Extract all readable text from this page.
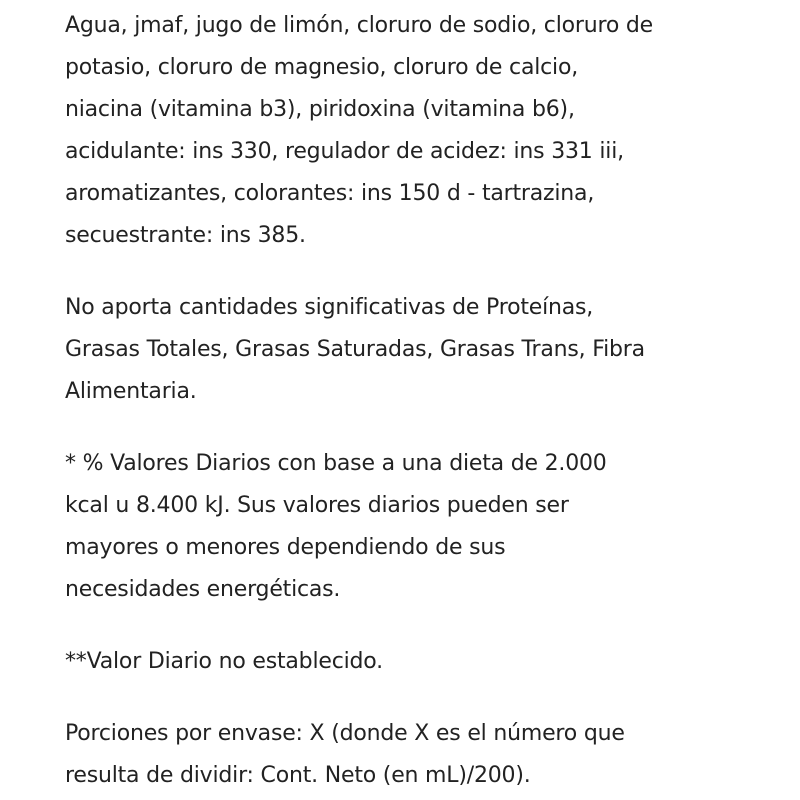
Agua, jmaf, jugo de limón, cloruro de sodio, cloruro de
potasio, cloruro de magnesio, cloruro de calcio,
niacina (vitamina b3), piridoxina (vitamina b6),
acidulante: ins 330, regulador de acidez: ins 331 iii,
aromatizantes, colorantes: ins 150 d - tartrazina,
secuestrante: ins 385.

No aporta cantidades significativas de Proteínas,
Grasas Totales, Grasas Saturadas, Grasas Trans, Fibra
Alimentaria.

* % Valores Diarios con base a una dieta de 2.000
kcal u 8.400 kJ. Sus valores diarios pueden ser
mayores o menores dependiendo de sus
necesidades energéticas.

**Valor Diario no establecido.

Porciones por envase: X (donde X es el número que
resulta de dividir: Cont. Neto (en mL)/200).
